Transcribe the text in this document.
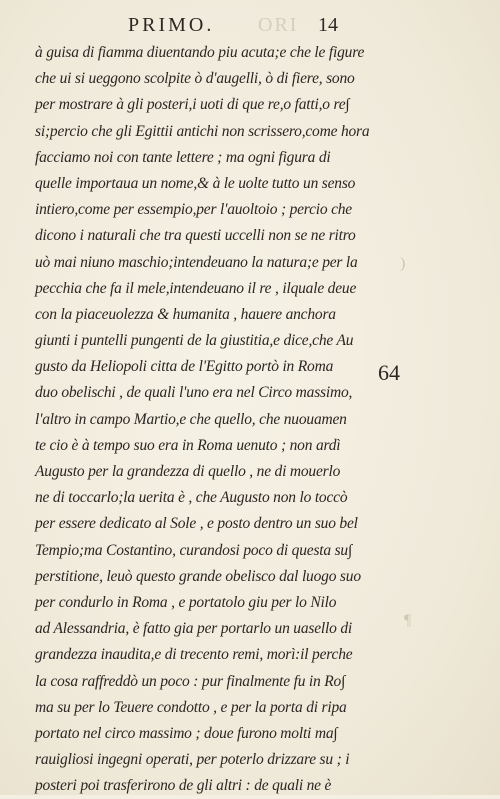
ORI
PRIMO.	14
à guisa di fiamma diuentando piu acuta;e che le figure
che ui si ueggono scolpite ò d'augelli, ò di fiere, sono
per mostrare à gli posteri,i uoti di que re,o fatti,o re∫
si;percio che gli Egittii antichi non scrissero,come hora
facciamo noi con tante lettere ; ma ogni figura di
quelle importaua un nome,& à le uolte tutto un senso
intiero,come per essempio,per l'auoltoio ; percio che
dicono i naturali che tra questi uccelli non se ne ritro
uò mai niuno maschio;intendeuano la natura;e per la
pecchia che fa il mele,intendeuano il re , ilquale deue
con la piaceuolezza & humanita , hauere anchora
giunti i puntelli pungenti de la giustitia,e dice,che Au
gusto da Heliopoli citta de l'Egitto portò in Roma
duo obelischi , de quali l'uno era nel Circo massimo,
l'altro in campo Martio,e che quello, che nuouamen
te cio è à tempo suo era in Roma uenuto ; non ardì
Augusto per la grandezza di quello , ne di mouerlo
ne di toccarlo;la uerita è , che Augusto non lo toccò
per essere dedicato al Sole , e posto dentro un suo bel
Tempio;ma Costantino, curandosi poco di questa su∫
perstitione, leuò questo grande obelisco dal luogo suo
per condurlo in Roma , e portatolo giu per lo Nilo
ad Alessandria, è fatto gia per portarlo un uasello di
grandezza inaudita,e di trecento remi, morì:il perche
la cosa raffreddò un poco : pur finalmente fu in Ro∫
ma su per lo Teuere condotto , e per la porta di ripa
portato nel circo massimo ; doue furono molti ma∫
rauigliosi ingegni operati, per poterlo drizzare su ; i
posteri poi trasferirono de gli altri : de quali ne è
64
)
¶
